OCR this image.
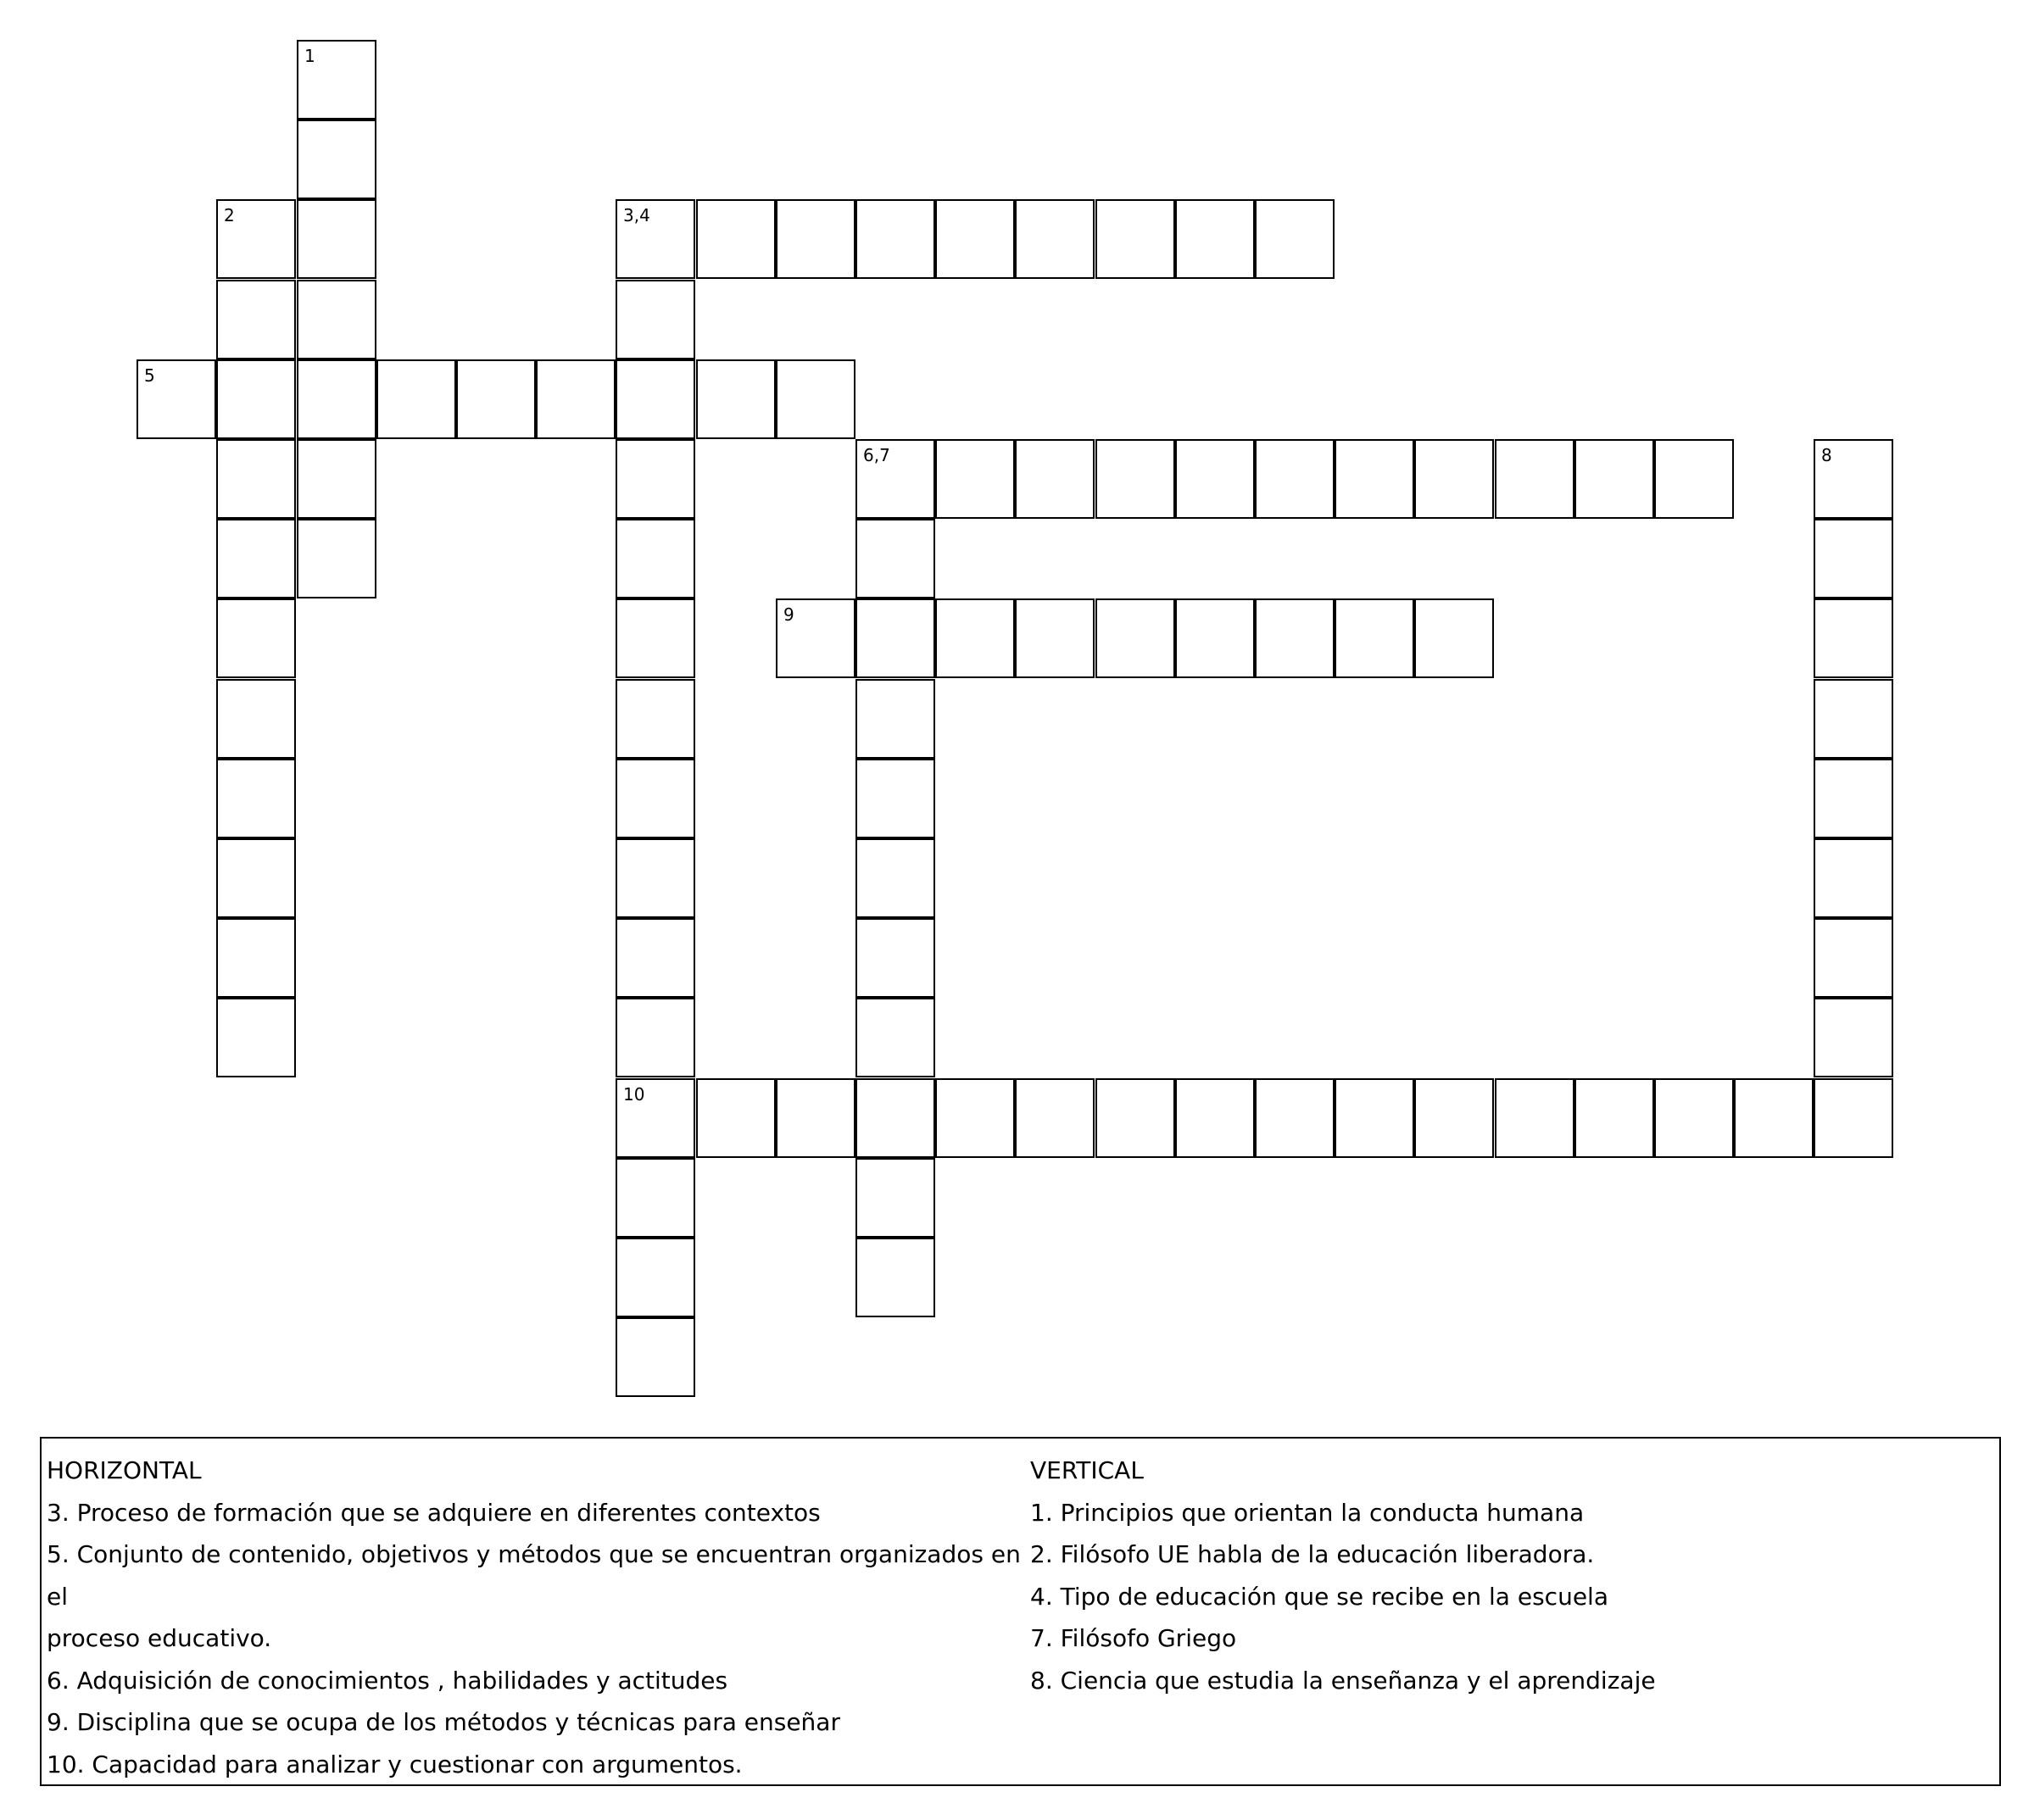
1
2	3,4
5
6,7	8
9
10

HORIZONTAL

3. Proceso de formación que se adquiere en diferentes contextos

5. Conjunto de contenido, objetivos y métodos que se encuentran organizados en el

proceso educativo.

6. Adquisición de conocimientos , habilidades y actitudes

9. Disciplina que se ocupa de los métodos y técnicas para enseñar

10. Capacidad para analizar y cuestionar con argumentos.

VERTICAL

1. Principios que orientan la conducta humana

2. Filósofo UE habla de la educación liberadora.

4. Tipo de educación que se recibe en la escuela

7. Filósofo Griego

8. Ciencia que estudia la enseñanza y el aprendizaje
